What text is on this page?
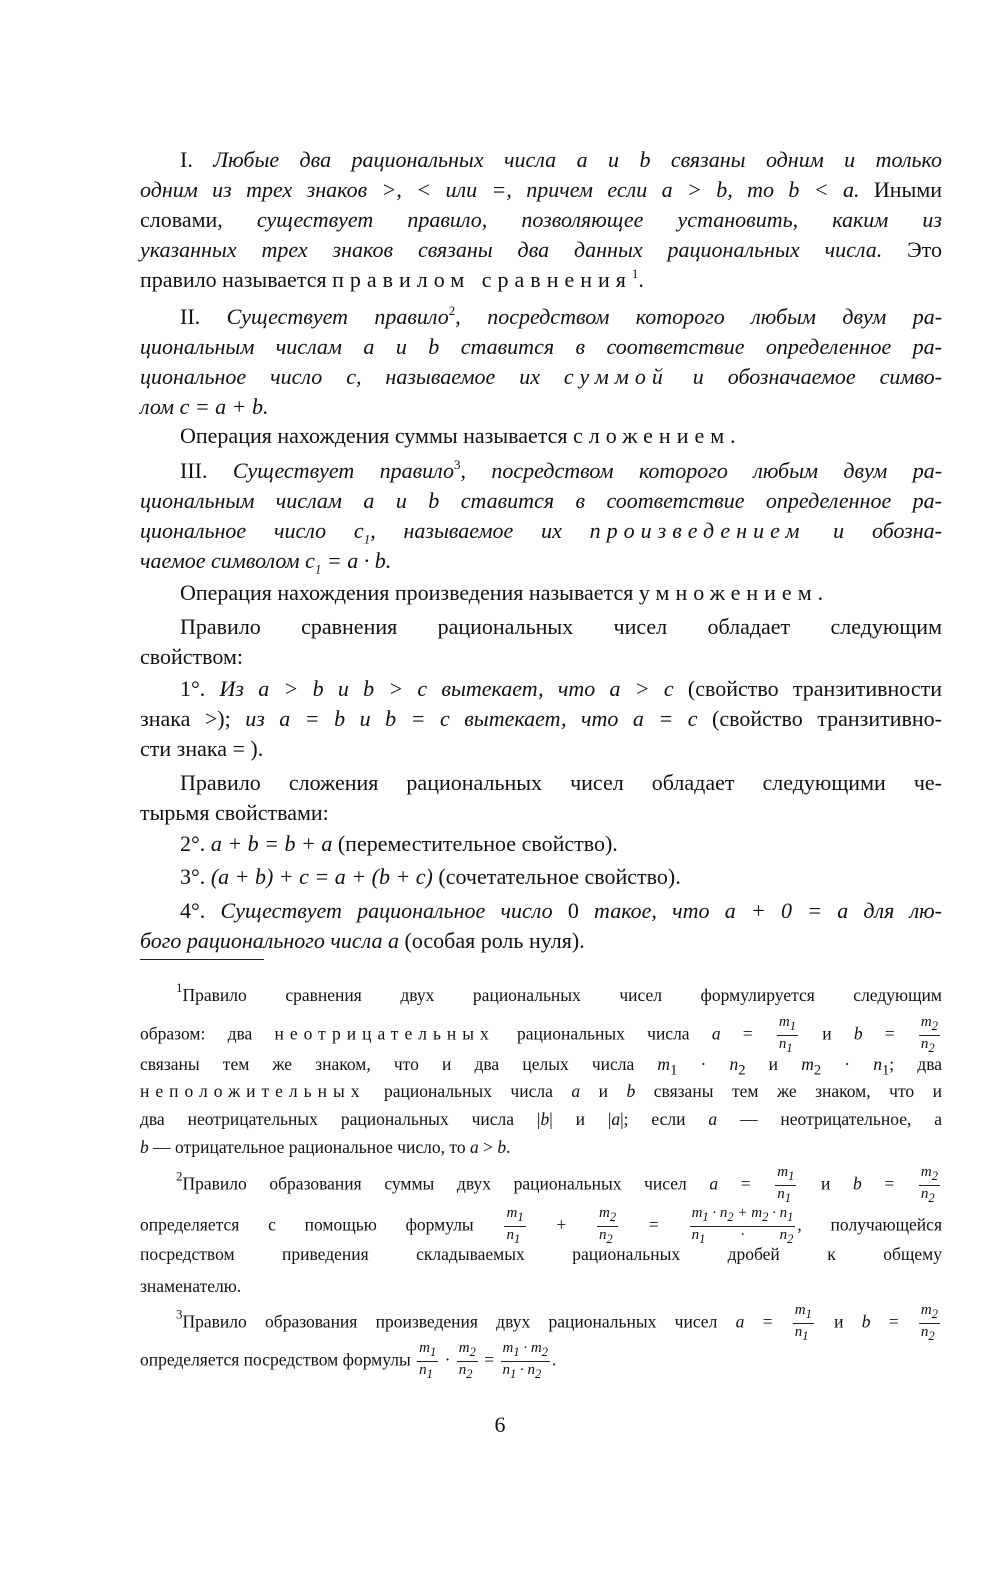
I. Любые два рациональных числа a и b связаны одним и только
одним из трех знаков >, < или =, причем если a > b, то b < a. Иными
словами, существует правило, позволяющее установить, каким из
указанных трех знаков связаны два данных рациональных числа. Это
правило называется правилом сравнения$^1$.
II. Существует правило$^2$, посредством которого любым двум ра-
циональным числам a и b ставится в соответствие определенное ра-
циональное число c, называемое их суммой и обозначаемое симво-
лом c = a + b.
Операция нахождения суммы называется сложением.
III. Существует правило$^3$, посредством которого любым двум ра-
циональным числам a и b ставится в соответствие определенное ра-
циональное число $c_1$, называемое их произведением и обозна-
чаемое символом $c_1 = a \cdot b$.
Операция нахождения произведения называется умножением.
Правило сравнения рациональных чисел обладает следующим
свойством:
1°. Из a > b и b > c вытекает, что a > c (свойство транзитивности
знака >); из a = b и b = c вытекает, что a = c (свойство транзитивно-
сти знака = ).
Правило сложения рациональных чисел обладает следующими че-
тырьмя свойствами:
2°. a + b = b + a (переместительное свойство).
3°. (a + b) + c = a + (b + c) (сочетательное свойство).
4°. Существует рациональное число 0 такое, что a + 0 = a для лю-
бого рационального числа a (особая роль нуля).
$^1$Правило сравнения двух рациональных чисел формулируется следующим
образом: два неотрицательных рациональных числа $a = \frac{m_1}{n_1}$ и $b = \frac{m_2}{n_2}$
связаны тем же знаком, что и два целых числа $m_1 \cdot n_2$ и $m_2 \cdot n_1$; два
неположительных рациональных числа a и b связаны тем же знаком, что и
два неотрицательных рациональных числа |b| и |a|; если a — неотрицательное, а
b — отрицательное рациональное число, то a > b.
$^2$Правило образования суммы двух рациональных чисел $a = \frac{m_1}{n_1}$ и $b = \frac{m_2}{n_2}$
определяется с помощью формулы $\frac{m_1}{n_1} + \frac{m_2}{n_2} = \frac{m_1 \cdot n_2 + m_2 \cdot n_1}{n_1 \cdot n_2}$ , получающейся
посредством приведения складываемых рациональных дробей к общему
знаменателю.
$^3$Правило образования произведения двух рациональных чисел $a = \frac{m_1}{n_1}$ и $b = \frac{m_2}{n_2}$
определяется посредством формулы $\frac{m_1}{n_1} \cdot \frac{m_2}{n_2} = \frac{m_1 \cdot m_2}{n_1 \cdot n_2}$ .
6
